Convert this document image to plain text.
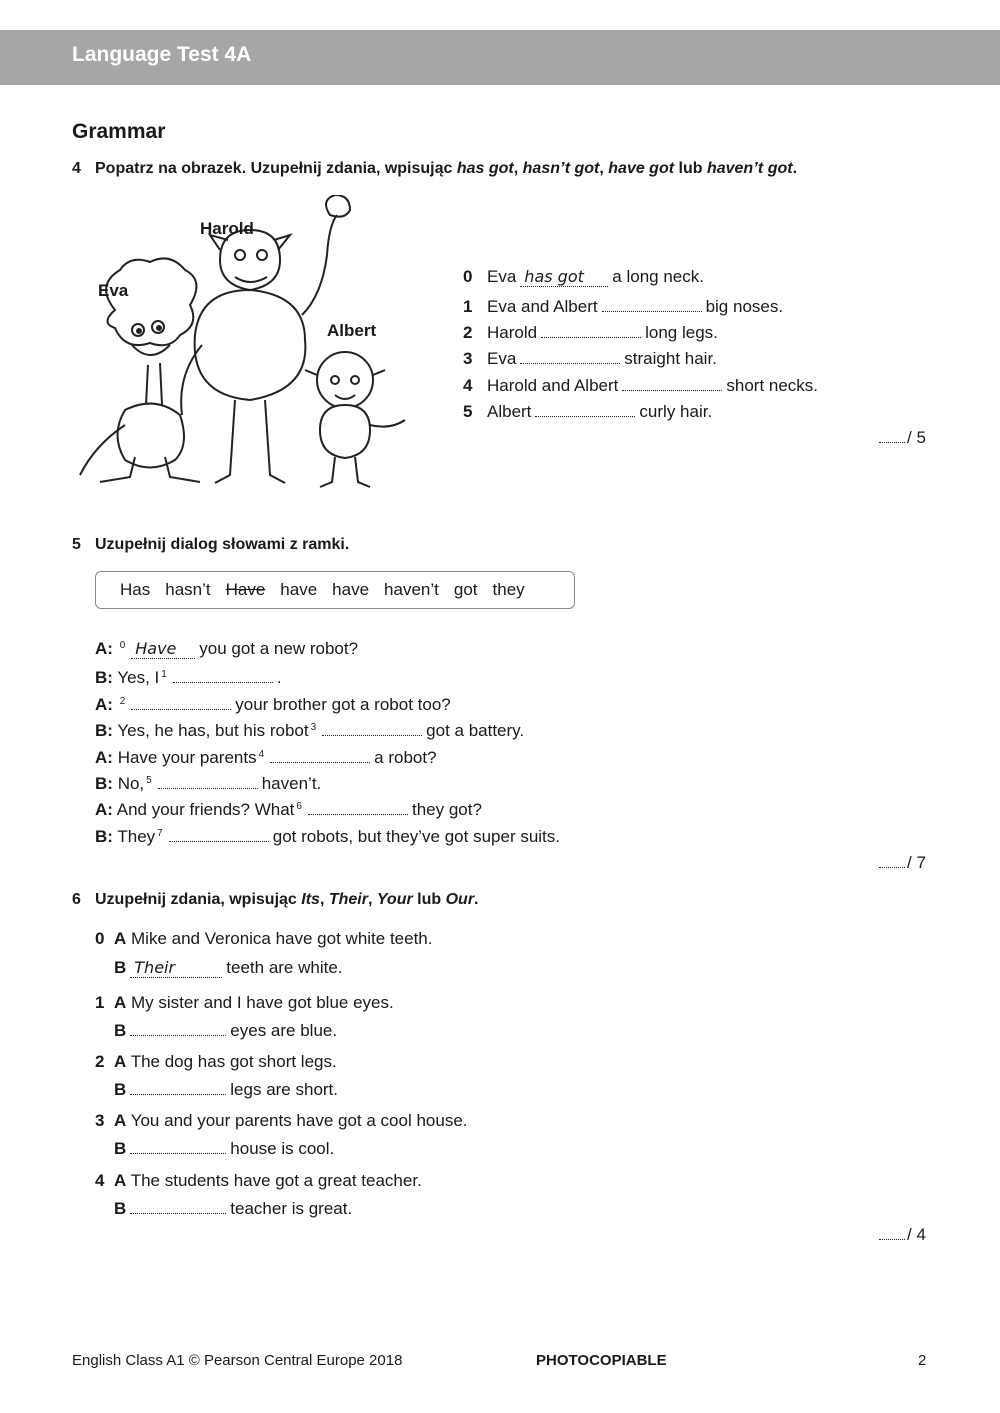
Language Test 4A
Grammar
4 Popatrz na obrazek. Uzupełnij zdania, wpisując has got, hasn’t got, have got lub haven’t got.
Harold
Eva
Albert
0 Eva has got a long neck.
1 Eva and Albert	big noses.
2 Harold	long legs.
3 Eva	straight hair.
4 Harold and Albert	short necks.
5 Albert	curly hair.
/ 5
5 Uzupełnij dialog słowami z ramki.
Has hasn’t Have have have haven’t got they
A: $^0$ Have you got a new robot?
B: Yes, I $^1$	.
A: $^2$	your brother got a robot too?
B: Yes, he has, but his robot $^3$	got a battery.
A: Have your parents $^4$	a robot?
B: No, $^5$	haven’t.
A: And your friends? What $^6$	they got?
B: They $^7$	got robots, but they’ve got super suits.
/ 7
6 Uzupełnij zdania, wpisując Its, Their, Your lub Our.
0 A Mike and Veronica have got white teeth.
B Their	teeth are white.
1 A My sister and I have got blue eyes.
B	eyes are blue.
2 A The dog has got short legs.
B	legs are short.
3 A You and your parents have got a cool house.
B	house is cool.
4 A The students have got a great teacher.
B	teacher is great.
/ 4
English Class A1 © Pearson Central Europe 2018	PHOTOCOPIABLE	2
